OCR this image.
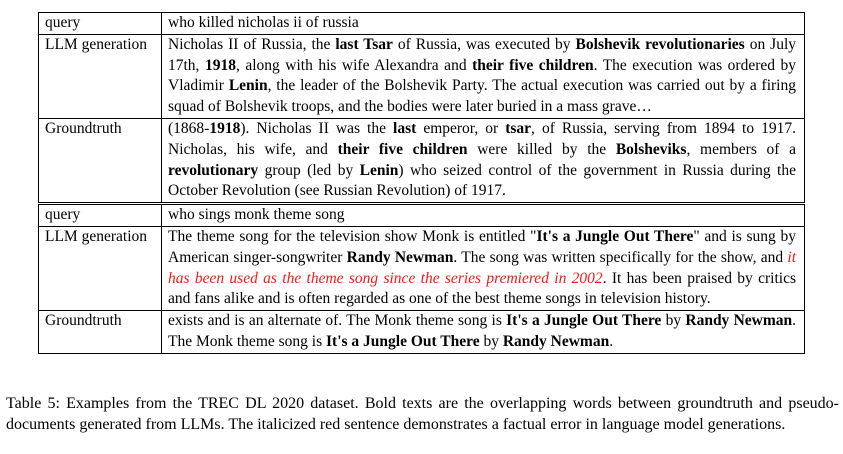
query	who killed nicholas ii of russia
LLM generation	Nicholas II of Russia, the last Tsar of Russia, was executed by Bolshevik revolutionaries on July 17th, 1918, along with his wife Alexandra and their five children. The execution was ordered by Vladimir Lenin, the leader of the Bolshevik Party. The actual execution was carried out by a firing squad of Bolshevik troops, and the bodies were later buried in a mass grave…
Groundtruth	(1868-1918). Nicholas II was the last emperor, or tsar, of Russia, serving from 1894 to 1917. Nicholas, his wife, and their five children were killed by the Bolsheviks, members of a revolutionary group (led by Lenin) who seized control of the government in Russia during the October Revolution (see Russian Revolution) of 1917.
query	who sings monk theme song
LLM generation	The theme song for the television show Monk is entitled "It's a Jungle Out There" and is sung by American singer-songwriter Randy Newman. The song was written specifically for the show, and it has been used as the theme song since the series premiered in 2002. It has been praised by critics and fans alike and is often regarded as one of the best theme songs in television history.
Groundtruth	exists and is an alternate of. The Monk theme song is It's a Jungle Out There by Randy Newman. The Monk theme song is It's a Jungle Out There by Randy Newman.
Table 5: Examples from the TREC DL 2020 dataset. Bold texts are the overlapping words between groundtruth and pseudo-documents generated from LLMs. The italicized red sentence demonstrates a factual error in language model generations.
